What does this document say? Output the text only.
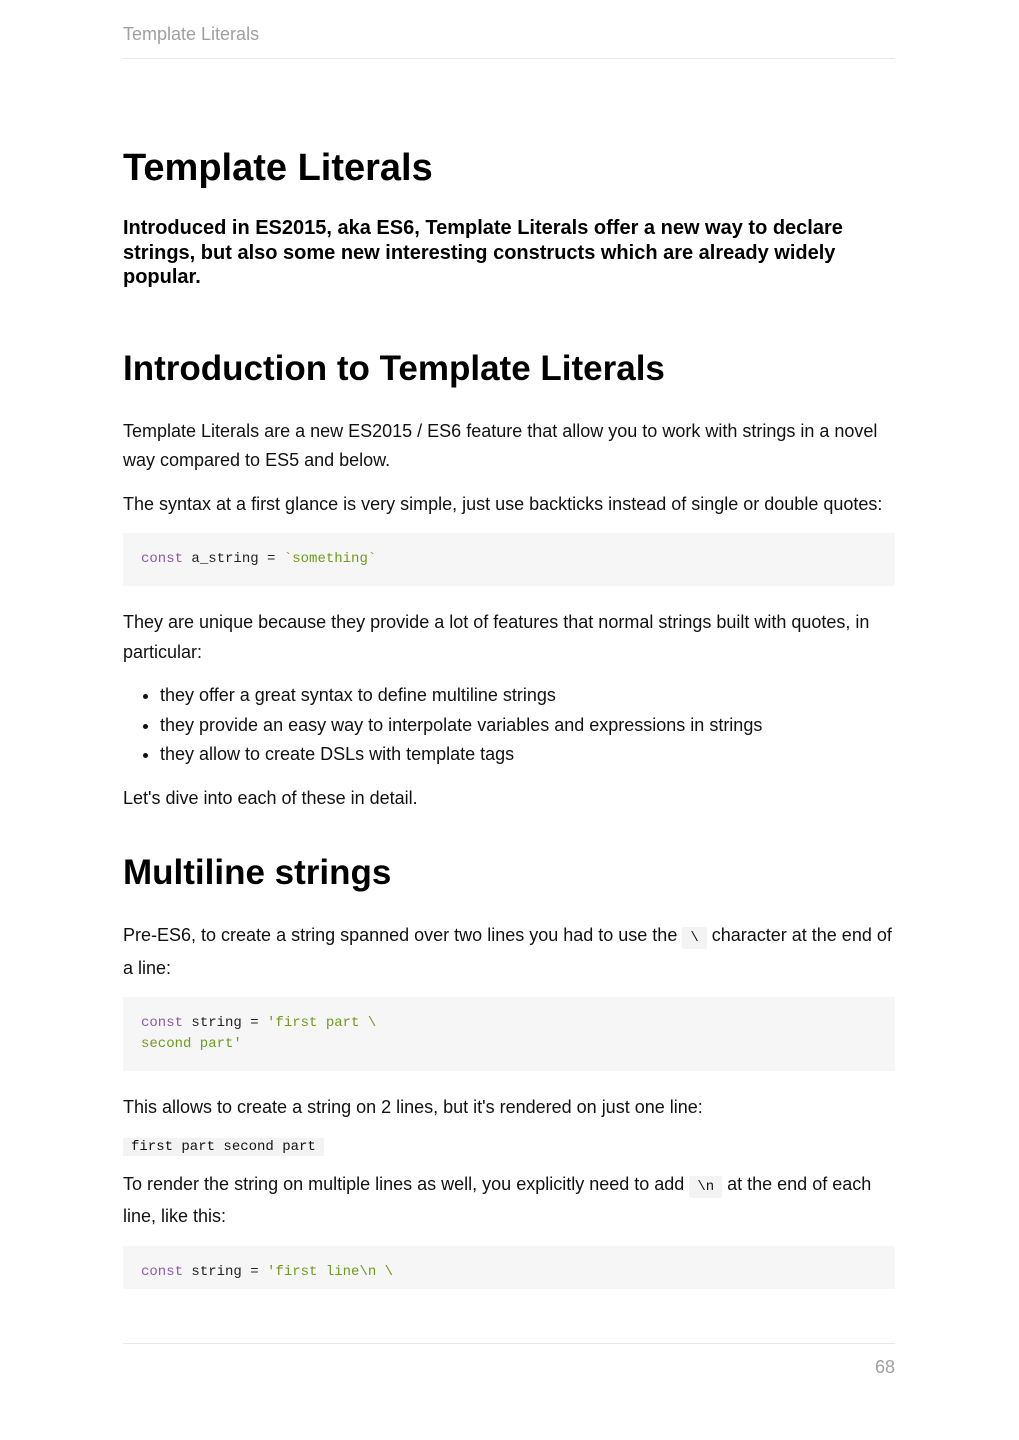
Template Literals
Template Literals

Introduced in ES2015, aka ES6, Template Literals offer a new way to declare strings, but also some new interesting constructs which are already widely popular.

Introduction to Template Literals

Template Literals are a new ES2015 / ES6 feature that allow you to work with strings in a novel way compared to ES5 and below.

The syntax at a first glance is very simple, just use backticks instead of single or double quotes:

const a_string = `something`

They are unique because they provide a lot of features that normal strings built with quotes, in particular:

• they offer a great syntax to define multiline strings
• they provide an easy way to interpolate variables and expressions in strings
• they allow to create DSLs with template tags

Let's dive into each of these in detail.

Multiline strings

Pre-ES6, to create a string spanned over two lines you had to use the \ character at the end of a line:

const string = 'first part \
second part'

This allows to create a string on 2 lines, but it's rendered on just one line:

first part second part

To render the string on multiple lines as well, you explicitly need to add \n at the end of each line, like this:

const string = 'first line\n \
68
